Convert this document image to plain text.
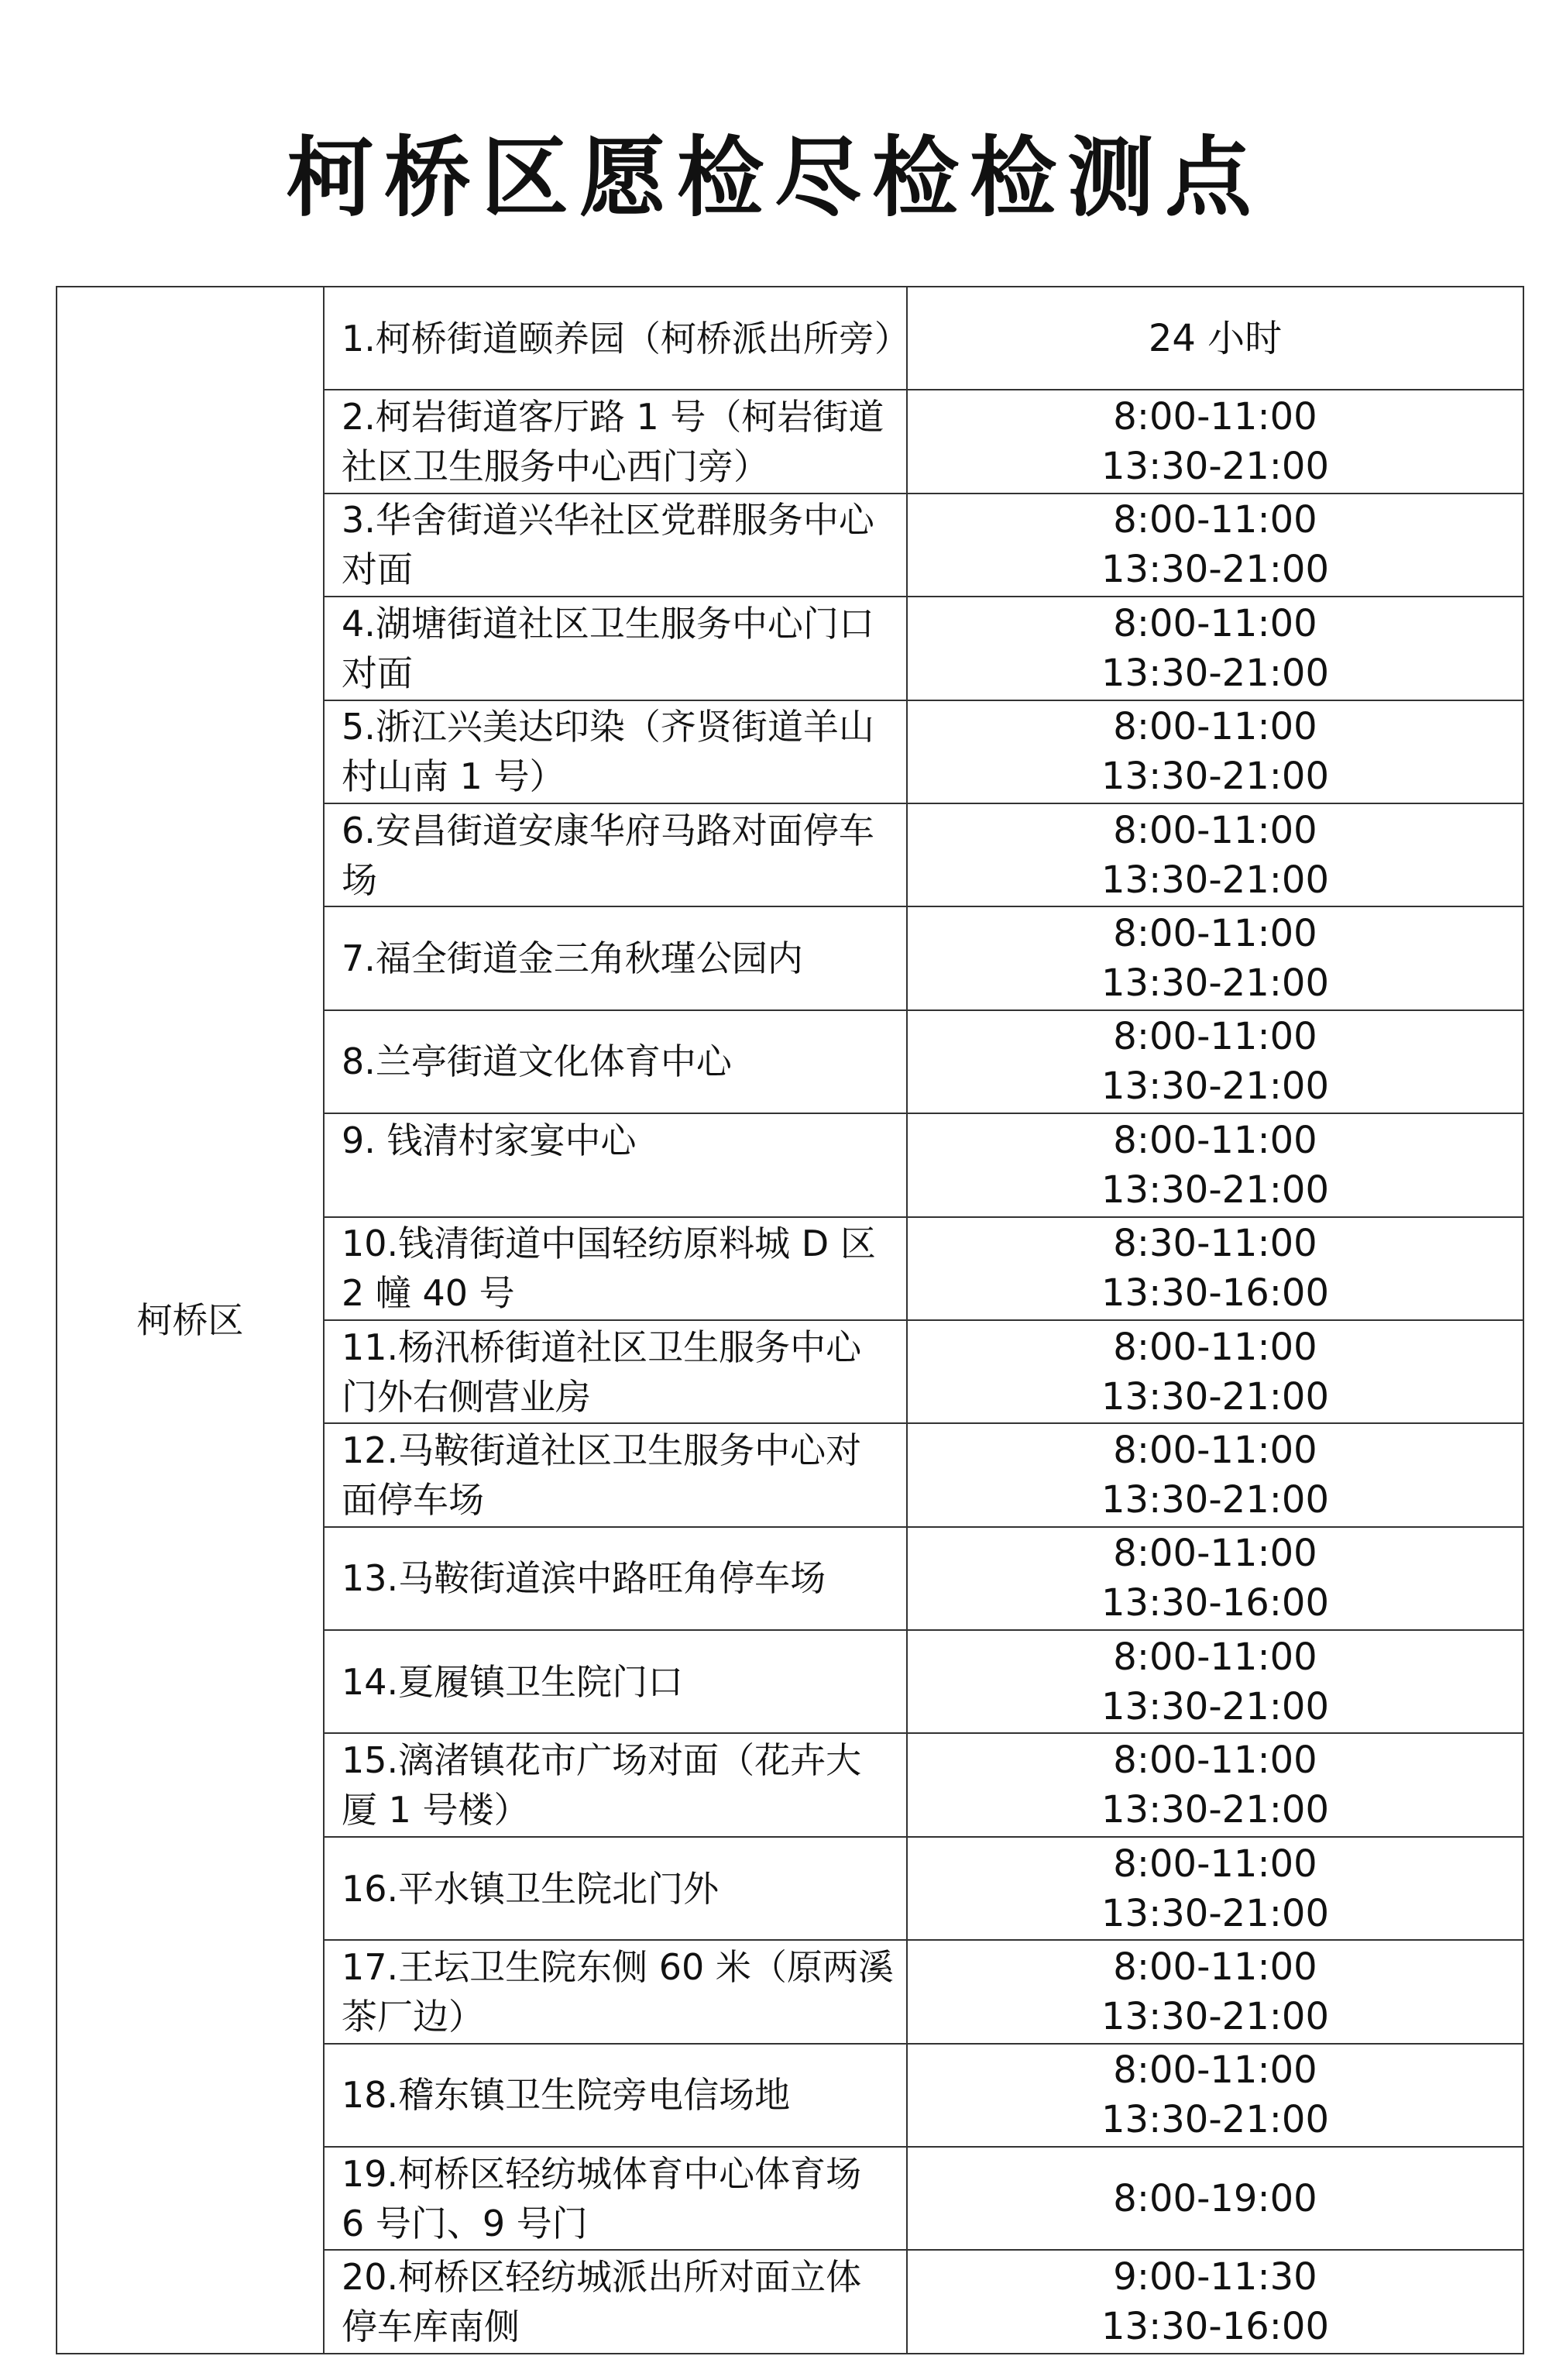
柯桥区愿检尽检检测点
柯桥区	1.柯桥街道颐养园（柯桥派出所旁）	24 小时

	2.柯岩街道客厅路 1 号（柯岩街道社区卫生服务中心西门旁）	8:00-11:00
13:30-21:00

	3.华舍街道兴华社区党群服务中心对面	8:00-11:00
13:30-21:00

	4.湖塘街道社区卫生服务中心门口对面	8:00-11:00
13:30-21:00

	5.浙江兴美达印染（齐贤街道羊山村山南 1 号）	8:00-11:00
13:30-21:00

	6.安昌街道安康华府马路对面停车场	8:00-11:00
13:30-21:00

	7.福全街道金三角秋瑾公园内	8:00-11:00
13:30-21:00

	8.兰亭街道文化体育中心	8:00-11:00
13:30-21:00

	9. 钱清村家宴中心	8:00-11:00
13:30-21:00

	10.钱清街道中国轻纺原料城 D 区 2 幢 40 号	8:30-11:00
13:30-16:00

	11.杨汛桥街道社区卫生服务中心门外右侧营业房	8:00-11:00
13:30-21:00

	12.马鞍街道社区卫生服务中心对面停车场	8:00-11:00
13:30-21:00

	13.马鞍街道滨中路旺角停车场	8:00-11:00
13:30-16:00

	14.夏履镇卫生院门口	8:00-11:00
13:30-21:00

	15.漓渚镇花市广场对面（花卉大厦 1 号楼）	8:00-11:00
13:30-21:00

	16.平水镇卫生院北门外	8:00-11:00
13:30-21:00

	17.王坛卫生院东侧 60 米（原两溪茶厂边）	8:00-11:00
13:30-21:00

	18.稽东镇卫生院旁电信场地	8:00-11:00
13:30-21:00

	19.柯桥区轻纺城体育中心体育场 6 号门、9 号门	8:00-19:00

	20.柯桥区轻纺城派出所对面立体停车库南侧	9:00-11:30
13:30-16:00
